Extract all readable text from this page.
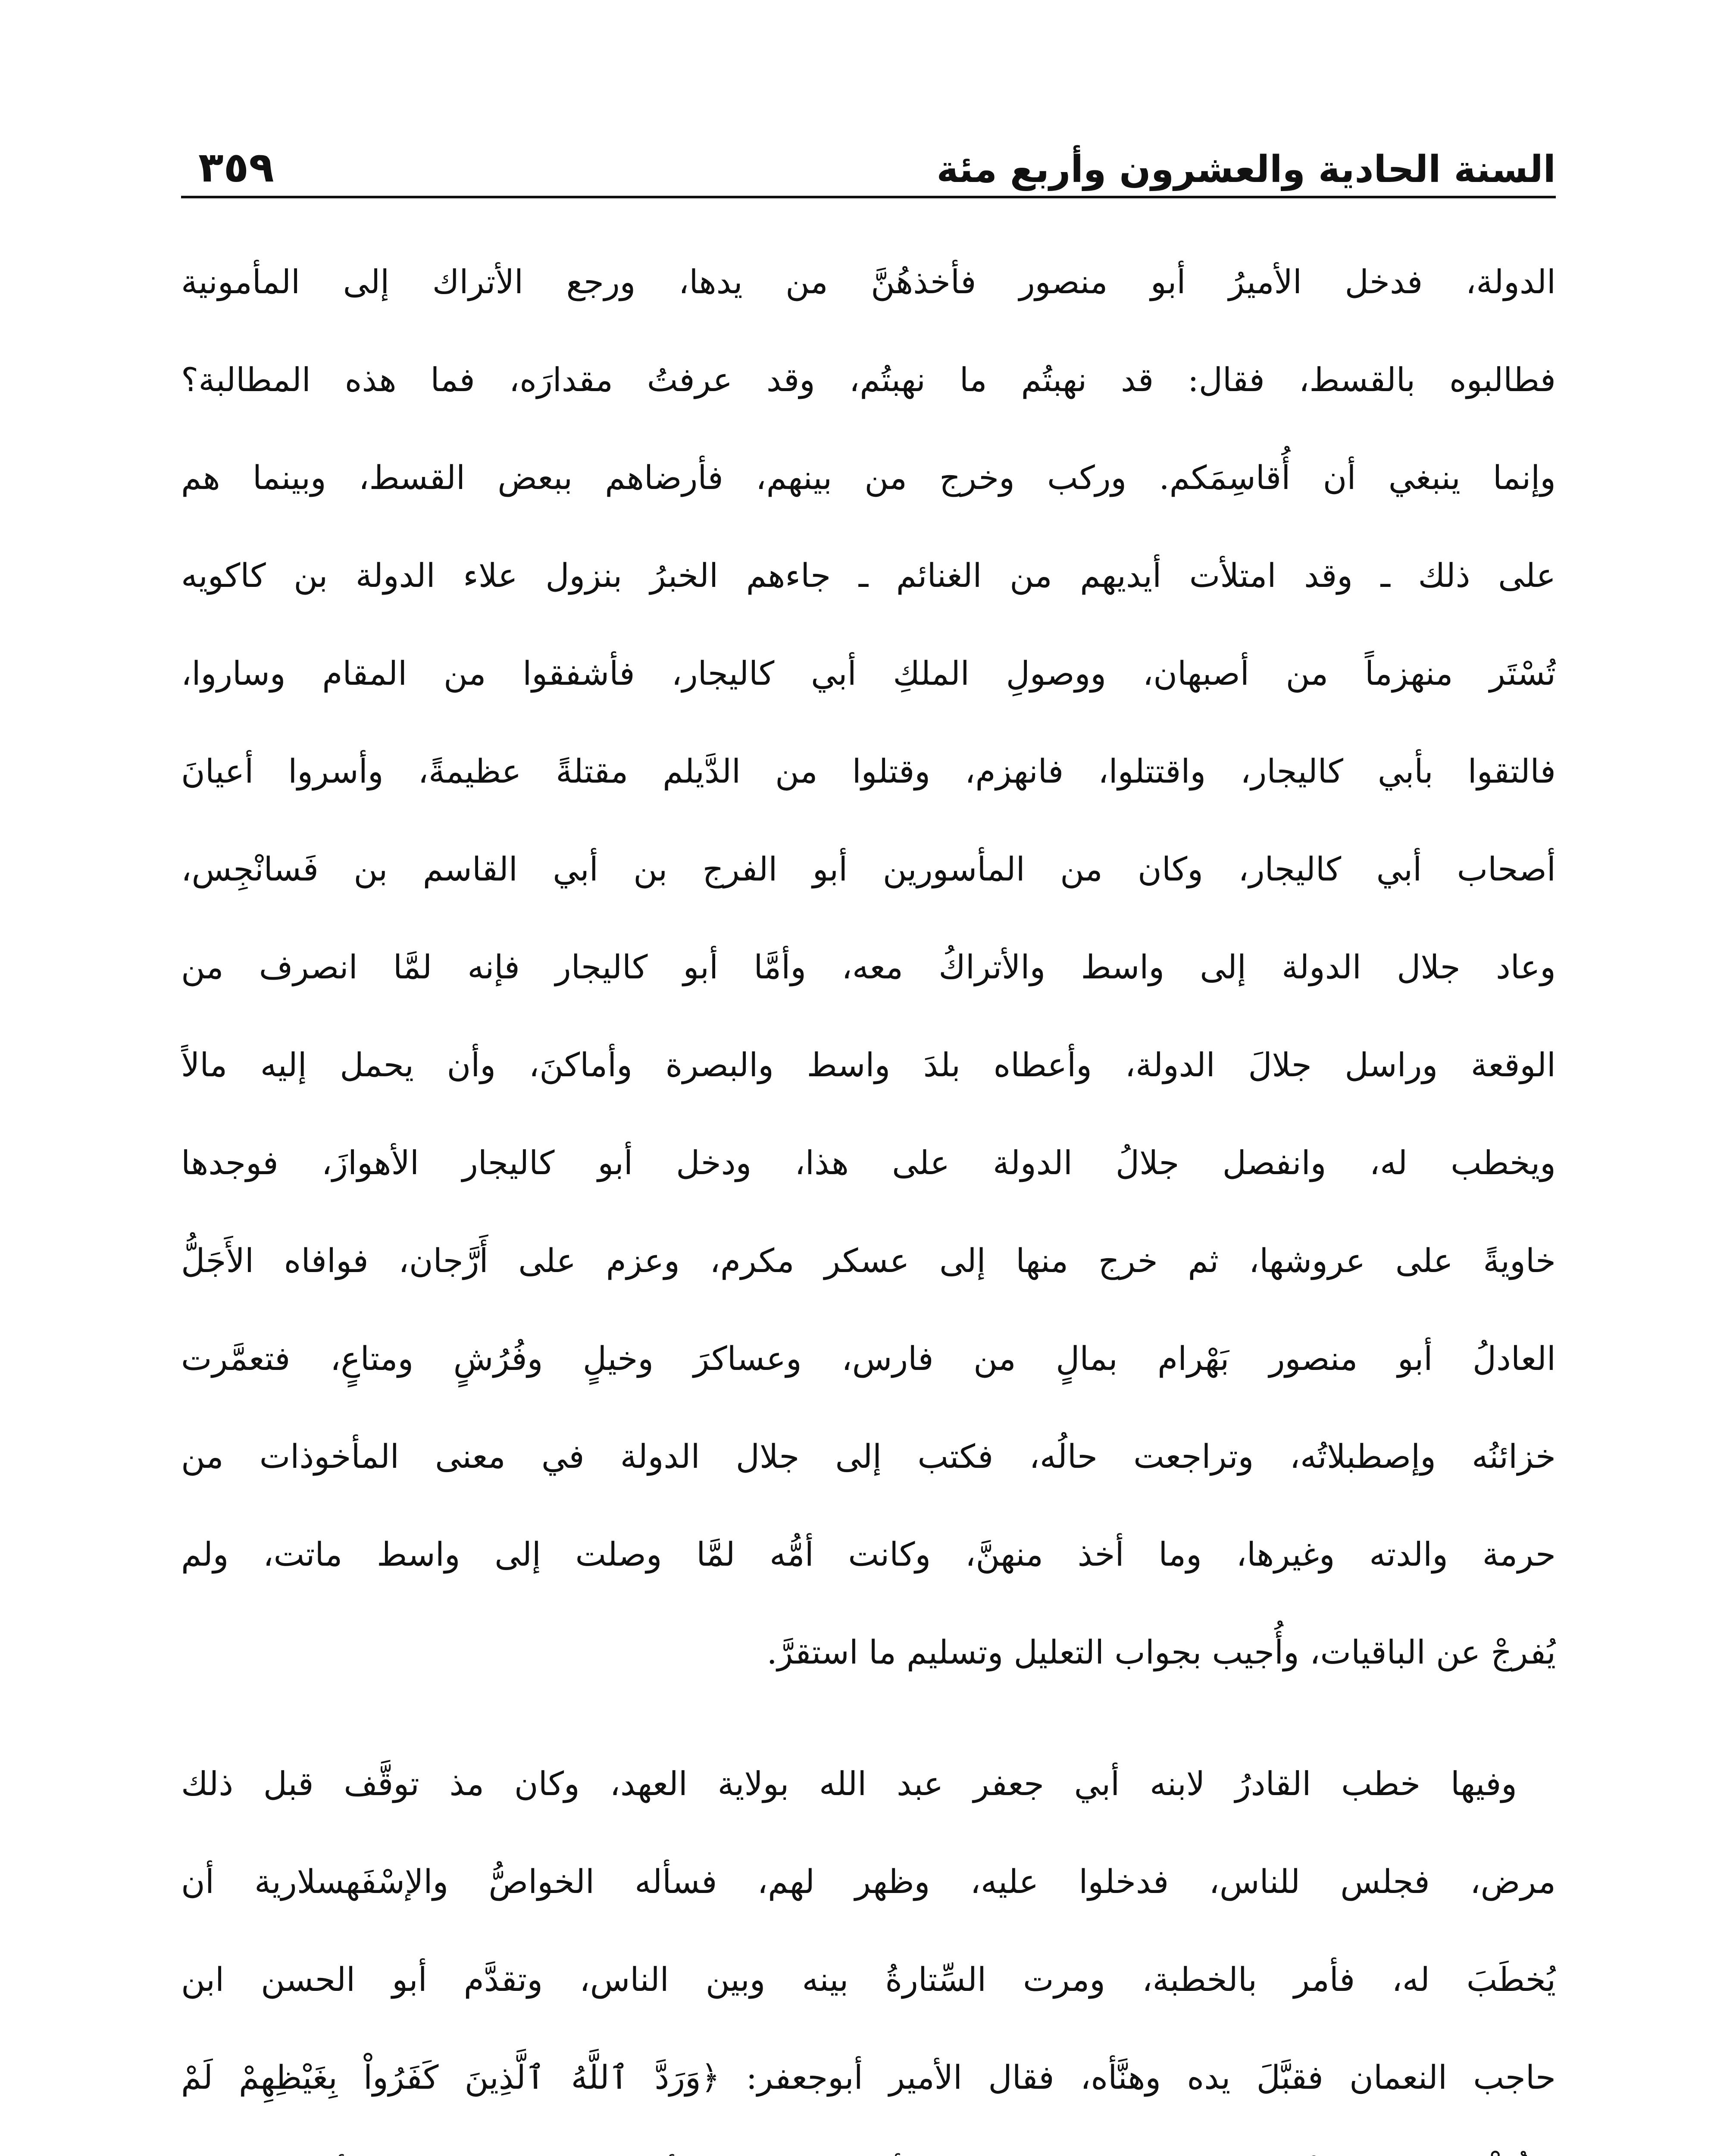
السنة الحادية والعشرون وأربع مئة
٣٥٩
الدولة، فدخل الأميرُ أبو منصور فأخذهُنَّ من يدها، ورجع الأتراك إلى المأمونية
فطالبوه بالقسط، فقال: قد نهبتُم ما نهبتُم، وقد عرفتُ مقدارَه، فما هذه المطالبة؟
وإنما ينبغي أن أُقاسِمَكم. وركب وخرج من بينهم، فأرضاهم ببعض القسط، وبينما هم
على ذلك ـ وقد امتلأت أيديهم من الغنائم ـ جاءهم الخبرُ بنزول علاء الدولة بن كاكويه
تُسْتَر منهزماً من أصبهان، ووصولِ الملكِ أبي كاليجار، فأشفقوا من المقام وساروا،
فالتقوا بأبي كاليجار، واقتتلوا، فانهزم، وقتلوا من الدَّيلم مقتلةً عظيمةً، وأسروا أعيانَ
أصحاب أبي كاليجار، وكان من المأسورين أبو الفرج بن أبي القاسم بن فَسانْجِس،
وعاد جلال الدولة إلى واسط والأتراكُ معه، وأمَّا أبو كاليجار فإنه لمَّا انصرف من
الوقعة وراسل جلالَ الدولة، وأعطاه بلدَ واسط والبصرة وأماكنَ، وأن يحمل إليه مالاً
ويخطب له، وانفصل جلالُ الدولة على هذا، ودخل أبو كاليجار الأهوازَ، فوجدها
خاويةً على عروشها، ثم خرج منها إلى عسكر مكرم، وعزم على أَرَّجان، فوافاه الأَجَلُّ
العادلُ أبو منصور بَهْرام بمالٍ من فارس، وعساكرَ وخيلٍ وفُرُشٍ ومتاعٍ، فتعمَّرت
خزائنُه وإصطبلاتُه، وتراجعت حالُه، فكتب إلى جلال الدولة في معنى المأخوذات من
حرمة والدته وغيرها، وما أخذ منهنَّ، وكانت أمُّه لمَّا وصلت إلى واسط ماتت، ولم
يُفرجْ عن الباقيات، وأُجيب بجواب التعليل وتسليم ما استقرَّ.
وفيها خطب القادرُ لابنه أبي جعفر عبد الله بولاية العهد، وكان مذ توقَّف قبل ذلك
مرض، فجلس للناس، فدخلوا عليه، وظهر لهم، فسأله الخواصُّ والإسْفَهسلارية أن
يُخطَبَ له، فأمر بالخطبة، ومرت السِّتارةُ بينه وبين الناس، وتقدَّم أبو الحسن ابن
حاجب النعمان فقبَّلَ يده وهنَّأه، فقال الأمير أبوجعفر: ﴿وَرَدَّ ٱللَّهُ ٱلَّذِينَ كَفَرُواْ بِغَيْظِهِمْ لَمْ
